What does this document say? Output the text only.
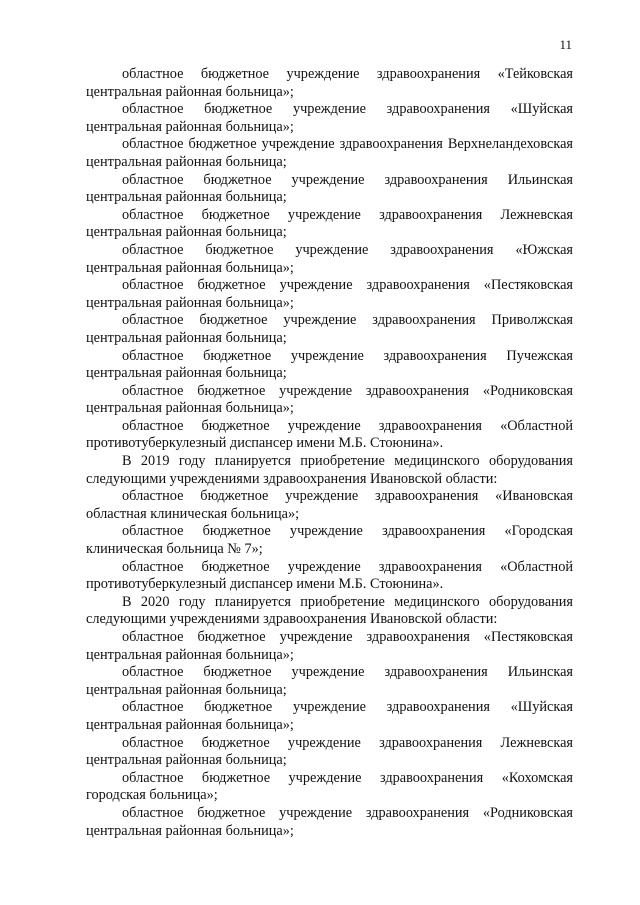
11

областное бюджетное учреждение здравоохранения «Тейковская центральная районная больница»;

областное бюджетное учреждение здравоохранения «Шуйская центральная районная больница»;

областное бюджетное учреждение здравоохранения Верхнеландеховская центральная районная больница;

областное бюджетное учреждение здравоохранения Ильинская центральная районная больница;

областное бюджетное учреждение здравоохранения Лежневская центральная районная больница;

областное бюджетное учреждение здравоохранения «Южская центральная районная больница»;

областное бюджетное учреждение здравоохранения «Пестяковская центральная районная больница»;

областное бюджетное учреждение здравоохранения Приволжская центральная районная больница;

областное бюджетное учреждение здравоохранения Пучежская центральная районная больница;

областное бюджетное учреждение здравоохранения «Родниковская центральная районная больница»;

областное бюджетное учреждение здравоохранения «Областной противотуберкулезный диспансер имени М.Б. Стоюнина».

В 2019 году планируется приобретение медицинского оборудования следующими учреждениями здравоохранения Ивановской области:

областное бюджетное учреждение здравоохранения «Ивановская областная клиническая больница»;

областное бюджетное учреждение здравоохранения «Городская клиническая больница № 7»;

областное бюджетное учреждение здравоохранения «Областной противотуберкулезный диспансер имени М.Б. Стоюнина».

В 2020 году планируется приобретение медицинского оборудования следующими учреждениями здравоохранения Ивановской области:

областное бюджетное учреждение здравоохранения «Пестяковская центральная районная больница»;

областное бюджетное учреждение здравоохранения Ильинская центральная районная больница;

областное бюджетное учреждение здравоохранения «Шуйская центральная районная больница»;

областное бюджетное учреждение здравоохранения Лежневская центральная районная больница;

областное бюджетное учреждение здравоохранения «Кохомская городская больница»;

областное бюджетное учреждение здравоохранения «Родниковская центральная районная больница»;
